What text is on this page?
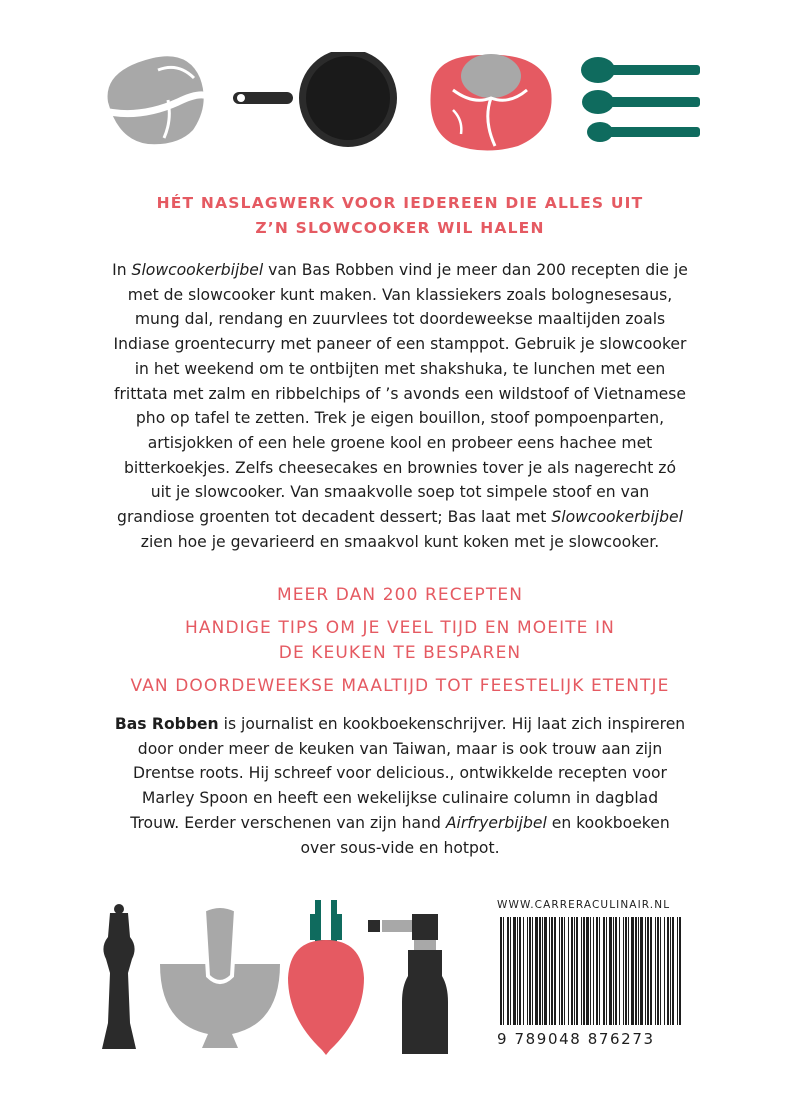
HÉT NASLAGWERK VOOR IEDEREEN DIE ALLES UIT
Z’N SLOWCOOKER WIL HALEN
In Slowcookerbijbel van Bas Robben vind je meer dan 200 recepten die je
met de slowcooker kunt maken. Van klassiekers zoals bolognesesaus,
mung dal, rendang en zuurvlees tot doordeweekse maaltijden zoals
Indiase groentecurry met paneer of een stamppot. Gebruik je slowcooker
in het weekend om te ontbijten met shakshuka, te lunchen met een
frittata met zalm en ribbelchips of ’s avonds een wildstoof of Vietnamese
pho op tafel te zetten. Trek je eigen bouillon, stoof pompoenparten,
artisjokken of een hele groene kool en probeer eens hachee met
bitterkoekjes. Zelfs cheesecakes en brownies tover je als nagerecht zó
uit je slowcooker. Van smaakvolle soep tot simpele stoof en van
grandiose groenten tot decadent dessert; Bas laat met Slowcookerbijbel
zien hoe je gevarieerd en smaakvol kunt koken met je slowcooker.
MEER DAN 200 RECEPTEN
HANDIGE TIPS OM JE VEEL TIJD EN MOEITE IN
DE KEUKEN TE BESPAREN
VAN DOORDEWEEKSE MAALTIJD TOT FEESTELIJK ETENTJE
Bas Robben is journalist en kookboekenschrijver. Hij laat zich inspireren
door onder meer de keuken van Taiwan, maar is ook trouw aan zijn
Drentse roots. Hij schreef voor delicious., ontwikkelde recepten voor
Marley Spoon en heeft een wekelijkse culinaire column in dagblad
Trouw. Eerder verschenen van zijn hand Airfryerbijbel en kookboeken
over sous-vide en hotpot.
WWW.CARRERACULINAIR.NL
9 789048 876273
